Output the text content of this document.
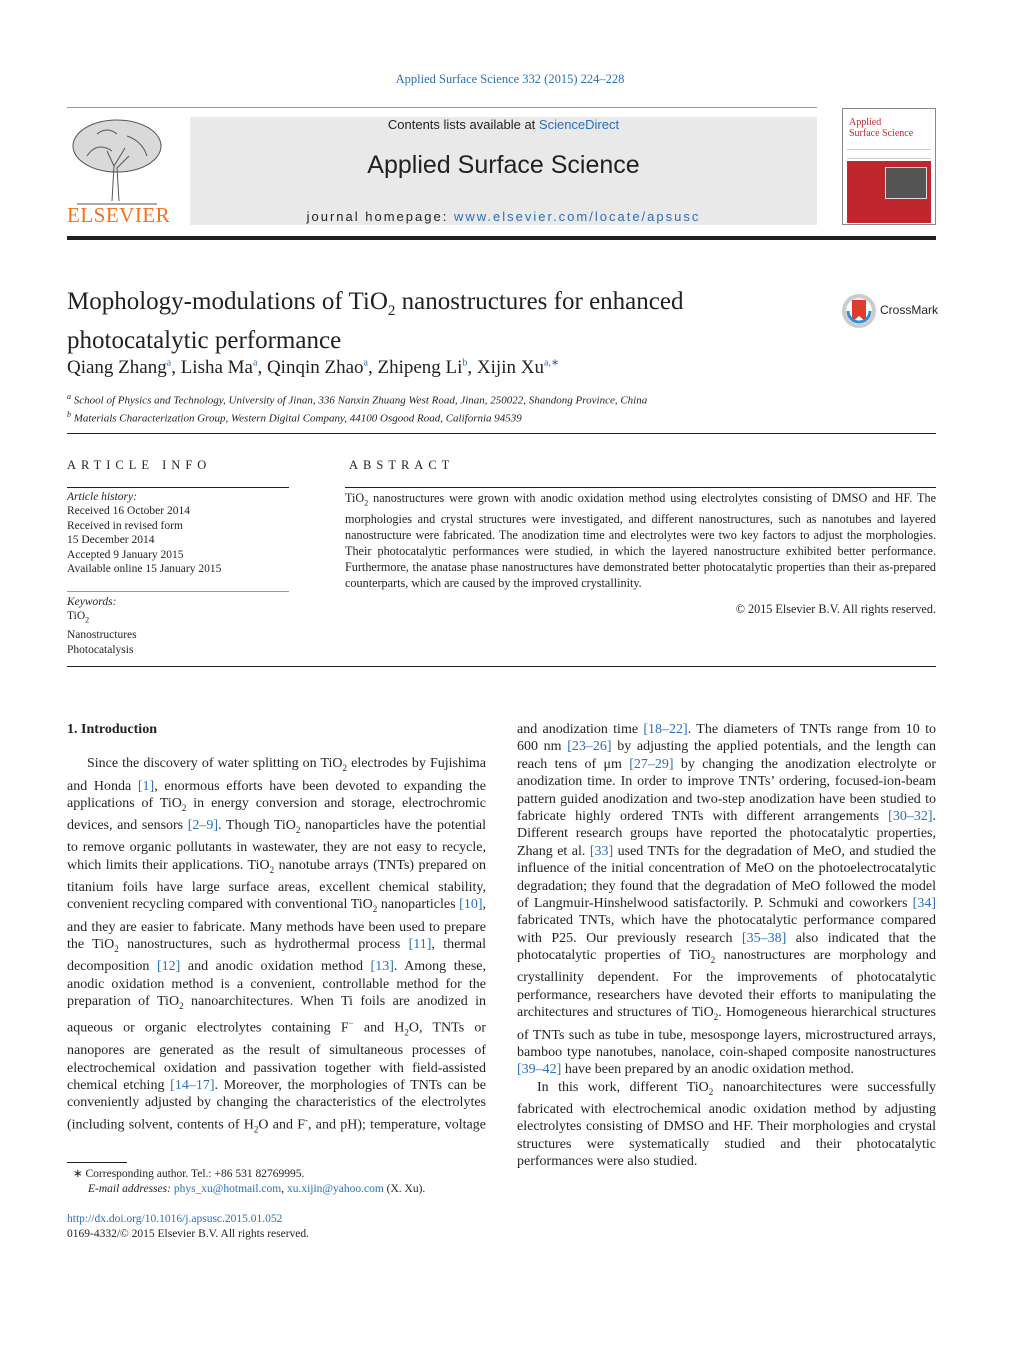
Applied Surface Science 332 (2015) 224–228
ELSEVIER
Contents lists available at ScienceDirect
Applied Surface Science
journal homepage: www.elsevier.com/locate/apsusc
Applied
Surface Science
Mophology-modulations of TiO$_2$ nanostructures for enhanced
photocatalytic performance
CrossMark
Qiang Zhang$^a$, Lisha Ma$^a$, Qinqin Zhao$^a$, Zhipeng Li$^b$, Xijin $Xu^{a,∗}$
$^a$ School of Physics and Technology, University of Jinan, 336 Nanxin Zhuang West Road, Jinan, 250022, Shandong Province, China
$^b$ Materials Characterization Group, Western Digital Company, 44100 Osgood Road, California 94539
ARTICLE INFO	ABSTRACT
Article history:
Received 16 October 2014
Received in revised form
15 December 2014
Accepted 9 January 2015
Available online 15 January 2015
Keywords:
TiO$_2$
Nanostructures
Photocatalysis
TiO$_2$ nanostructures were grown with anodic oxidation method using electrolytes consisting of DMSO and HF. The morphologies and crystal structures were investigated, and different nanostructures, such as nanotubes and layered nanostructure were fabricated. The anodization time and electrolytes were two key factors to adjust the morphologies. Their photocatalytic performances were studied, in which the layered nanostructure exhibited better performance. Furthermore, the anatase phase nanostructures have demonstrated better photocatalytic properties than their as-prepared counterparts, which are caused by the improved crystallinity.
© 2015 Elsevier B.V. All rights reserved.
1. Introduction

Since the discovery of water splitting on TiO$_2$ electrodes by Fujishima and Honda [1], enormous efforts have been devoted to expanding the applications of TiO$_2$ in energy conversion and storage, electrochromic devices, and sensors [2–9]. Though TiO$_2$ nanoparticles have the potential to remove organic pollutants in wastewater, they are not easy to recycle, which limits their applications. TiO$_2$ nanotube arrays (TNTs) prepared on titanium foils have large surface areas, excellent chemical stability, convenient recycling compared with conventional TiO$_2$ nanoparticles [10], and they are easier to fabricate. Many methods have been used to prepare the TiO$_2$ nanostructures, such as hydrothermal process [11], thermal decomposition [12] and anodic oxidation method [13]. Among these, anodic oxidation method is a convenient, controllable method for the preparation of TiO$_2$ nanoarchitectures. When Ti foils are anodized in aqueous or organic electrolytes containing F− and $H_2O$, TNTs or nanopores are generated as the result of simultaneous processes of electrochemical oxidation and passivation together with field-assisted chemical etching [14–17]. Moreover, the morphologies of TNTs can be conveniently adjusted by changing the characteristics of the electrolytes (including solvent, contents of $H_2O$ and F-, and pH); temperature, voltage

and anodization time [18–22]. The diameters of TNTs range from 10 to 600 nm [23–26] by adjusting the applied potentials, and the length can reach tens of μm [27–29] by changing the anodization electrolyte or anodization time. In order to improve TNTs’ ordering, focused-ion-beam pattern guided anodization and two-step anodization have been studied to fabricate highly ordered TNTs with different arrangements [30–32]. Different research groups have reported the photocatalytic properties, Zhang et al. [33] used TNTs for the degradation of MeO, and studied the influence of the initial concentration of MeO on the photoelectrocatalytic degradation; they found that the degradation of MeO followed the model of Langmuir-Hinshelwood satisfactorily. P. Schmuki and coworkers [34] fabricated TNTs, which have the photocatalytic performance compared with P25. Our previously research [35–38] also indicated that the photocatalytic properties of TiO$_2$ nanostructures are morphology and crystallinity dependent. For the improvements of photocatalytic performance, researchers have devoted their efforts to manipulating the architectures and structures of TiO$_2$. Homogeneous hierarchical structures of TNTs such as tube in tube, mesosponge layers, microstructured arrays, bamboo type nanotubes, nanolace, coin-shaped composite nanostructures [39–42] have been prepared by an anodic oxidation method.

In this work, different TiO$_2$ nanoarchitectures were successfully fabricated with electrochemical anodic oxidation method by adjusting electrolytes consisting of DMSO and HF. Their morphologies and crystal structures were systematically studied and their photocatalytic performances were also studied.

∗ Corresponding author. Tel.: +86 531 82769995.
E-mail addresses: phys_xu@hotmail.com, xu.xijin@yahoo.com (X. Xu).
http://dx.doi.org/10.1016/j.apsusc.2015.01.052
0169-4332/© 2015 Elsevier B.V. All rights reserved.
